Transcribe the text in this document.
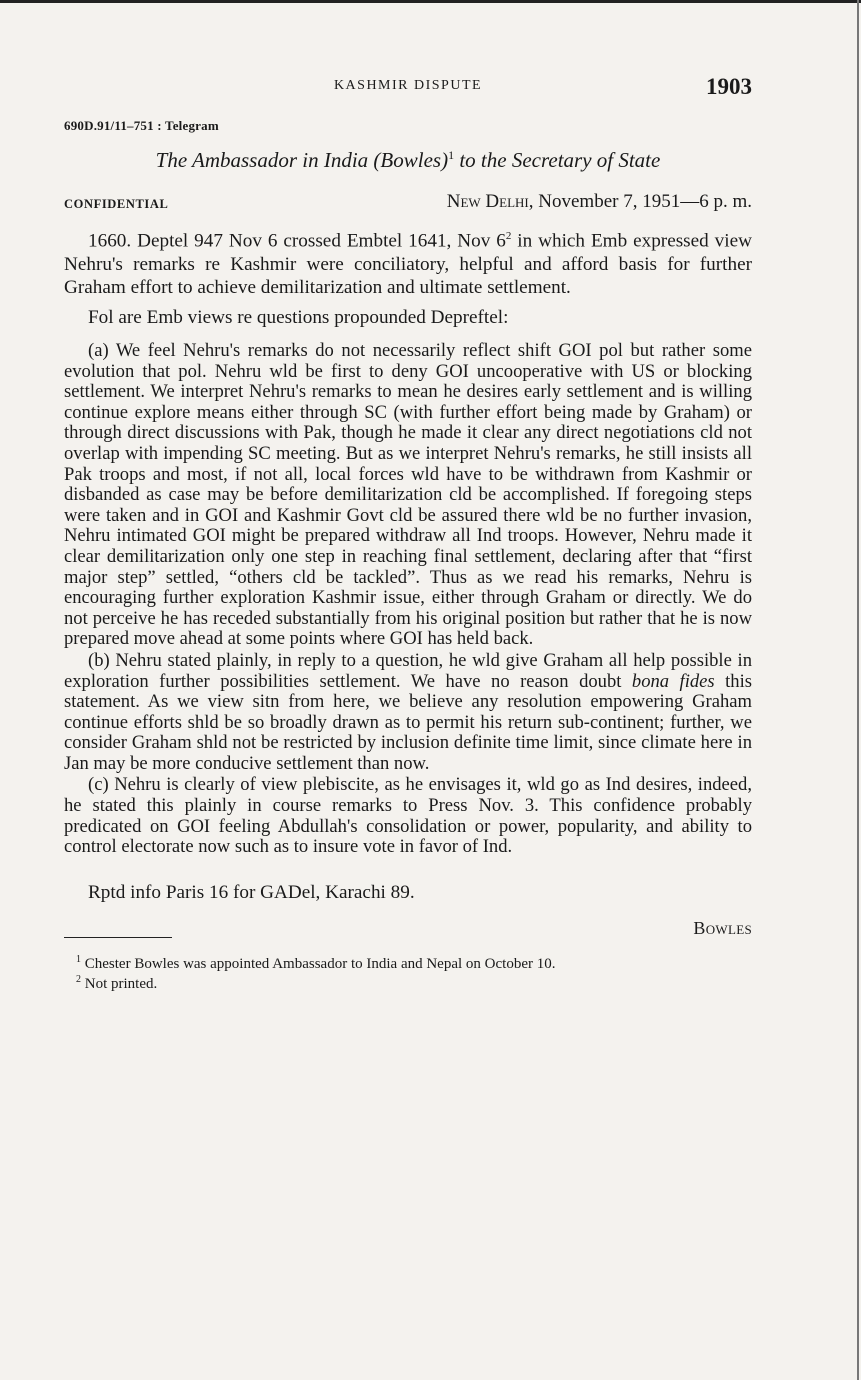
KASHMIR DISPUTE	1903
690D.91/11–751 : Telegram
The Ambassador in India (Bowles)$^1$ to the Secretary of State
CONFIDENTIAL	New Delhi, November 7, 1951—6 p. m.

1660. Deptel 947 Nov 6 crossed Embtel 1641, Nov $6^2$ in which Emb expressed view Nehru's remarks re Kashmir were conciliatory, helpful and afford basis for further Graham effort to achieve demilitarization and ultimate settlement.

Fol are Emb views re questions propounded Depreftel:

(a) We feel Nehru's remarks do not necessarily reflect shift GOI pol but rather some evolution that pol. Nehru wld be first to deny GOI uncooperative with US or blocking settlement. We interpret Nehru's remarks to mean he desires early settlement and is willing continue explore means either through SC (with further effort being made by Graham) or through direct discussions with Pak, though he made it clear any direct negotiations cld not overlap with impending SC meeting. But as we interpret Nehru's remarks, he still insists all Pak troops and most, if not all, local forces wld have to be withdrawn from Kashmir or disbanded as case may be before demilitarization cld be accomplished. If foregoing steps were taken and in GOI and Kashmir Govt cld be assured there wld be no further invasion, Nehru intimated GOI might be prepared withdraw all Ind troops. However, Nehru made it clear demilitarization only one step in reaching final settlement, declaring after that “first major step” settled, “others cld be tackled”. Thus as we read his remarks, Nehru is encouraging further exploration Kashmir issue, either through Graham or directly. We do not perceive he has receded substantially from his original position but rather that he is now prepared move ahead at some points where GOI has held back.

(b) Nehru stated plainly, in reply to a question, he wld give Graham all help possible in exploration further possibilities settlement. We have no reason doubt bona fides this statement. As we view sitn from here, we believe any resolution empowering Graham continue efforts shld be so broadly drawn as to permit his return sub-continent; further, we consider Graham shld not be restricted by inclusion definite time limit, since climate here in Jan may be more conducive settlement than now.

(c) Nehru is clearly of view plebiscite, as he envisages it, wld go as Ind desires, indeed, he stated this plainly in course remarks to Press Nov. 3. This confidence probably predicated on GOI feeling Abdullah's consolidation or power, popularity, and ability to control electorate now such as to insure vote in favor of Ind.

Rptd info Paris 16 for GADel, Karachi 89.
Bowles
$^1$ Chester Bowles was appointed Ambassador to India and Nepal on October 10.
$^2$ Not printed.
